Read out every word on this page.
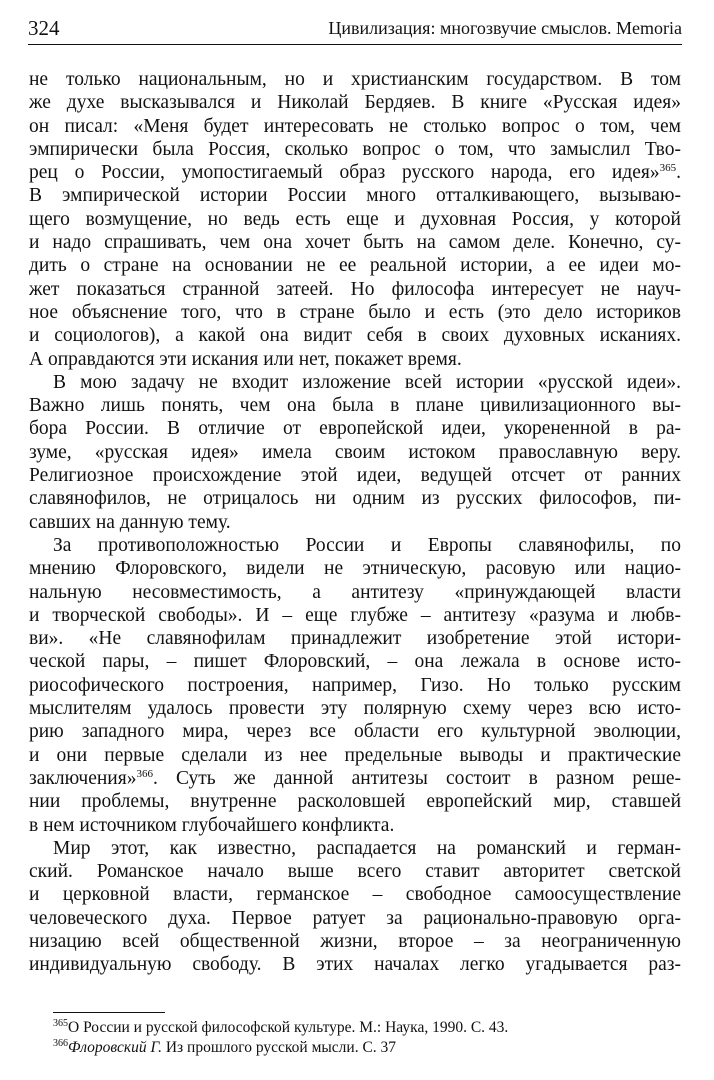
324	Цивилизация: многозвучие смыслов. Memoria
не только национальным, но и христианским государством. В том
же духе высказывался и Николай Бердяев. В книге «Русская идея»
он писал: «Меня будет интересовать не столько вопрос о том, чем
эмпирически была Россия, сколько вопрос о том, что замыслил Тво-
рец о России, умопостигаемый образ русского народа, его идея»$^{365}$.
В эмпирической истории России много отталкивающего, вызываю-
щего возмущение, но ведь есть еще и духовная Россия, у которой
и надо спрашивать, чем она хочет быть на самом деле. Конечно, су-
дить о стране на основании не ее реальной истории, а ее идеи мо-
жет показаться странной затеей. Но философа интересует не науч-
ное объяснение того, что в стране было и есть (это дело историков
и социологов), а какой она видит себя в своих духовных исканиях.
А оправдаются эти искания или нет, покажет время.
В мою задачу не входит изложение всей истории «русской идеи».
Важно лишь понять, чем она была в плане цивилизационного вы-
бора России. В отличие от европейской идеи, укорененной в ра-
зуме, «русская идея» имела своим истоком православную веру.
Религиозное происхождение этой идеи, ведущей отсчет от ранних
славянофилов, не отрицалось ни одним из русских философов, пи-
савших на данную тему.
За противоположностью России и Европы славянофилы, по
мнению Флоровского, видели не этническую, расовую или нацио-
нальную несовместимость, а антитезу «принуждающей власти
и творческой свободы». И – еще глубже – антитезу «разума и любв-
ви». «Не славянофилам принадлежит изобретение этой истори-
ческой пары, – пишет Флоровский, – она лежала в основе исто-
риософического построения, например, Гизо. Но только русским
мыслителям удалось провести эту полярную схему через всю исто-
рию западного мира, через все области его культурной эволюции,
и они первые сделали из нее предельные выводы и практические
заключения»$^{366}$. Суть же данной антитезы состоит в разном реше-
нии проблемы, внутренне расколовшей европейский мир, ставшей
в нем источником глубочайшего конфликта.
Мир этот, как известно, распадается на романский и герман-
ский. Романское начало выше всего ставит авторитет светской
и церковной власти, германское – свободное самоосуществление
человеческого духа. Первое ратует за рационально-правовую орга-
низацию всей общественной жизни, второе – за неограниченную
индивидуальную свободу. В этих началах легко угадывается раз-
$^{365}$О России и русской философской культуре. М.: Наука, 1990. С. 43.
$^{366}$Флоровский Г. Из прошлого русской мысли. С. 37
